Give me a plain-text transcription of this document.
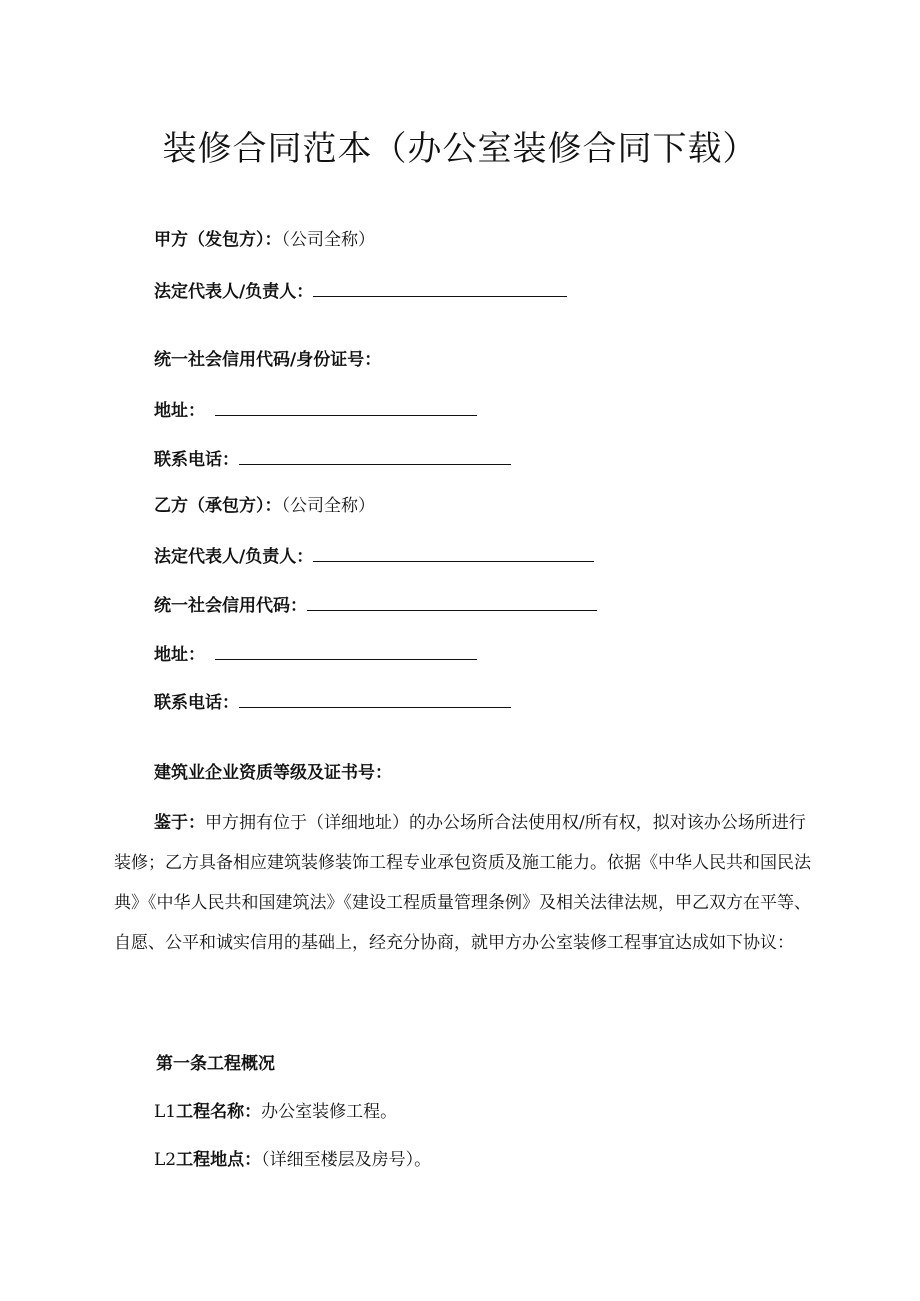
装修合同范本（办公室装修合同下载）
甲方（发包方）：（公司全称）
法定代表人/负责人：
统一社会信用代码/身份证号：
地址：
联系电话：
乙方（承包方）：（公司全称）
法定代表人/负责人：
统一社会信用代码：
地址：
联系电话：
建筑业企业资质等级及证书号：
鉴于：甲方拥有位于（详细地址）的办公场所合法使用权/所有权，拟对该办公场所进行装修；乙方具备相应建筑装修装饰工程专业承包资质及施工能力。依据《中华人民共和国民法典》《中华人民共和国建筑法》《建设工程质量管理条例》及相关法律法规，甲乙双方在平等、自愿、公平和诚实信用的基础上，经充分协商，就甲方办公室装修工程事宜达成如下协议：
第一条工程概况
L1工程名称：办公室装修工程。
L2工程地点：（详细至楼层及房号）。
